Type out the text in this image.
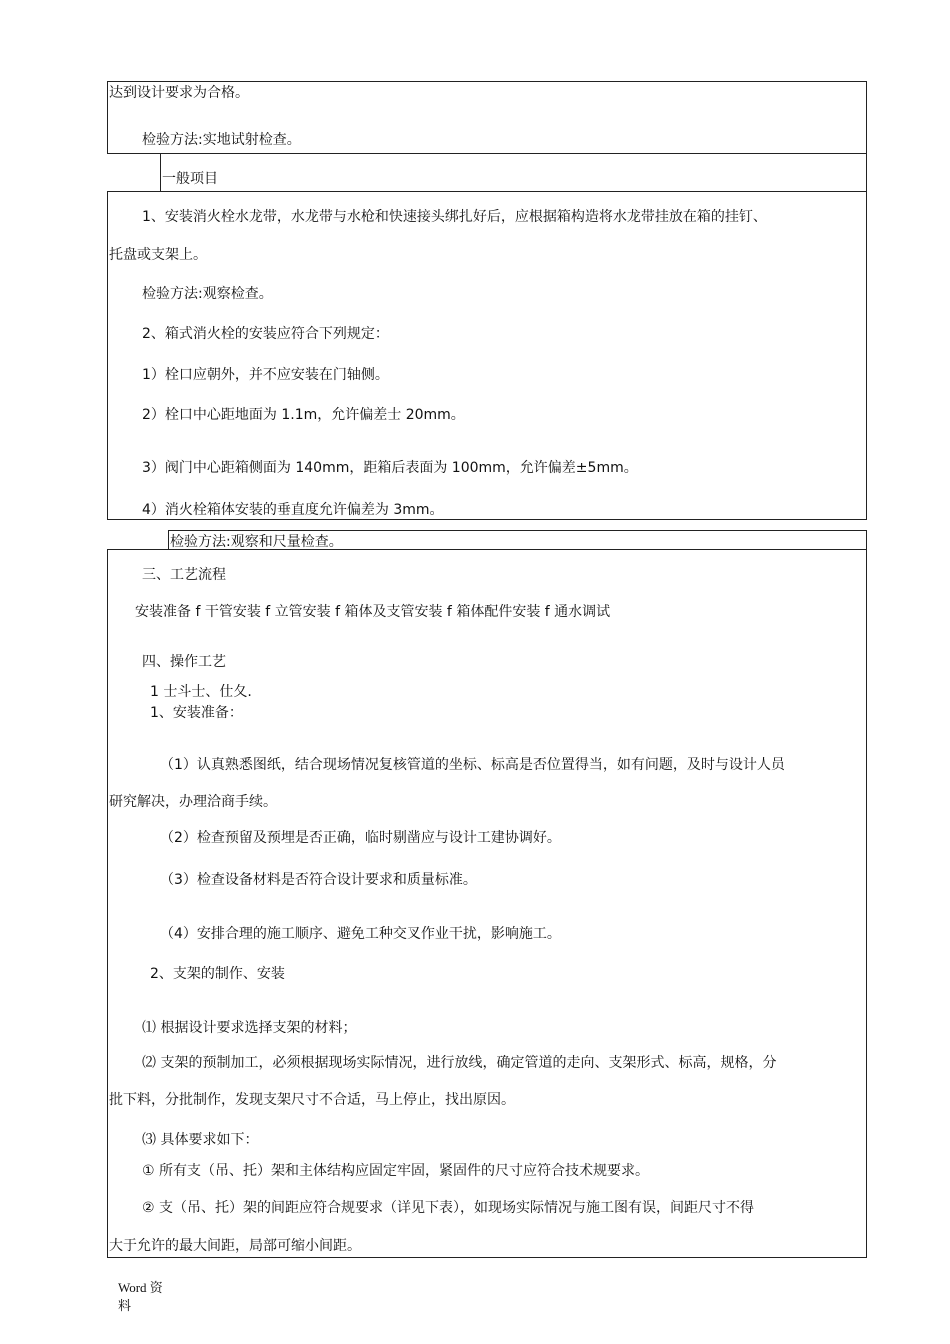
达到设计要求为合格。
检验方法:实地试射检查。
一般项目
1、安装消火栓水龙带，水龙带与水枪和快速接头绑扎好后，应根据箱构造将水龙带挂放在箱的挂钉、
托盘或支架上。
检验方法:观察检查。
2、箱式消火栓的安装应符合下列规定：
1）栓口应朝外，并不应安装在门轴侧。
2）栓口中心距地面为 1.1m，允许偏差士 20mm。
3）阀门中心距箱侧面为 140mm，距箱后表面为 100mm，允许偏差±5mm。
4）消火栓箱体安装的垂直度允许偏差为 3mm。
检验方法:观察和尺量检查。
三、工艺流程
安装准备 f 干管安装 f 立管安装 f 箱体及支管安装 f 箱体配件安装 f 通水调试
四、操作工艺
1 士斗士、仕夂.
1、安装准备：
（1）认真熟悉图纸，结合现场情况复核管道的坐标、标高是否位置得当，如有问题，及时与设计人员
研究解决，办理洽商手续。
（2）检查预留及预埋是否正确，临时剔凿应与设计工建协调好。
（3）检查设备材料是否符合设计要求和质量标准。
（4）安排合理的施工顺序、避免工种交叉作业干扰，影响施工。
2、支架的制作、安装
⑴ 根据设计要求选择支架的材料；
⑵ 支架的预制加工，必须根据现场实际情况，进行放线，确定管道的走向、支架形式、标高，规格，分
批下料，分批制作，发现支架尺寸不合适，马上停止，找出原因。
⑶ 具体要求如下：
① 所有支（吊、托）架和主体结构应固定牢固，紧固件的尺寸应符合技术规要求。
② 支（吊、托）架的间距应符合规要求（详见下表），如现场实际情况与施工图有误，间距尺寸不得
大于允许的最大间距，局部可缩小间距。
Word 资
料
